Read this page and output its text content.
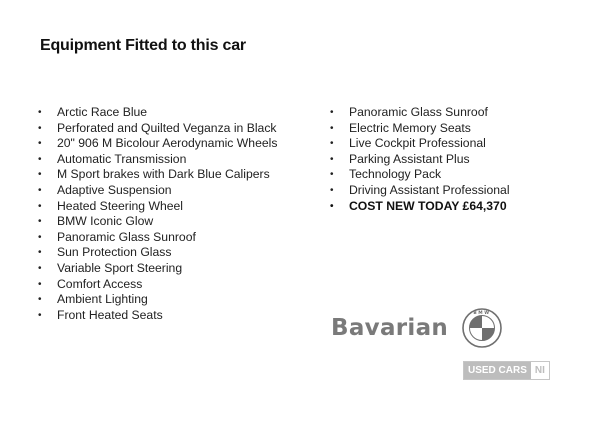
Equipment Fitted to this car
• Arctic Race Blue
• Perforated and Quilted Veganza in Black
• 20" 906 M Bicolour Aerodynamic Wheels
• Automatic Transmission
• M Sport brakes with Dark Blue Calipers
• Adaptive Suspension
• Heated Steering Wheel
• BMW Iconic Glow
• Panoramic Glass Sunroof
• Sun Protection Glass
• Variable Sport Steering
• Comfort Access
• Ambient Lighting
• Front Heated Seats
• Panoramic Glass Sunroof
• Electric Memory Seats
• Live Cockpit Professional
• Parking Assistant Plus
• Technology Pack
• Driving Assistant Professional
• COST NEW TODAY £64,370
Bavarian
BMW
USED CARS NI
